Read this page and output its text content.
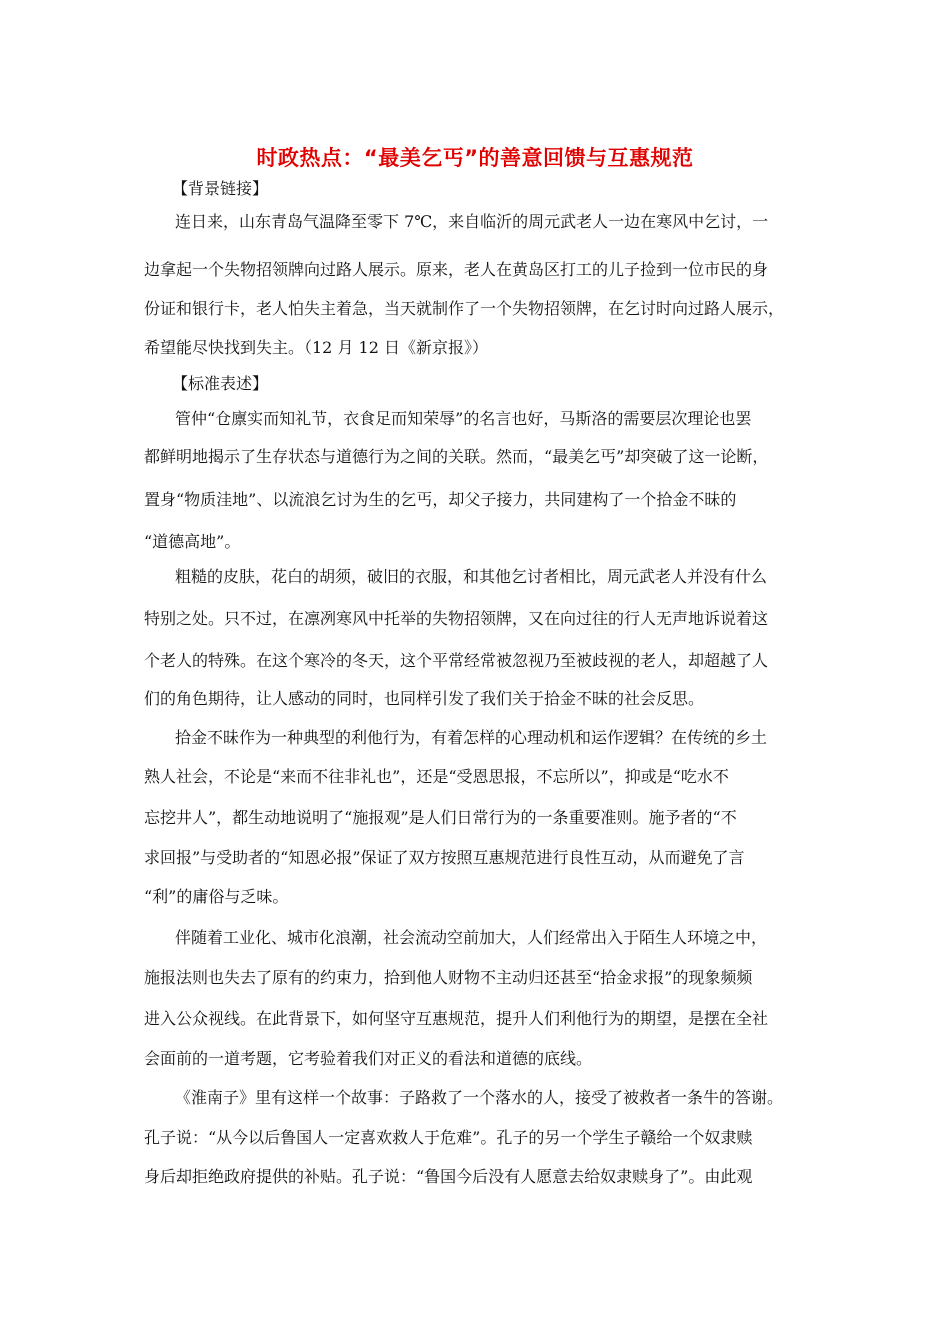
时政热点：“最美乞丐”的善意回馈与互惠规范
【背景链接】
连日来，山东青岛气温降至零下 7℃，来自临沂的周元武老人一边在寒风中乞讨，一
边拿起一个失物招领牌向过路人展示。原来，老人在黄岛区打工的儿子捡到一位市民的身
份证和银行卡，老人怕失主着急，当天就制作了一个失物招领牌，在乞讨时向过路人展示，
希望能尽快找到失主。（12 月 12 日《新京报》）
【标准表述】
管仲“仓廪实而知礼节，衣食足而知荣辱”的名言也好，马斯洛的需要层次理论也罢
都鲜明地揭示了生存状态与道德行为之间的关联。然而，“最美乞丐”却突破了这一论断，
置身“物质洼地”、以流浪乞讨为生的乞丐，却父子接力，共同建构了一个拾金不昧的
“道德高地”。
粗糙的皮肤，花白的胡须，破旧的衣服，和其他乞讨者相比，周元武老人并没有什么
特别之处。只不过，在凛冽寒风中托举的失物招领牌，又在向过往的行人无声地诉说着这
个老人的特殊。在这个寒冷的冬天，这个平常经常被忽视乃至被歧视的老人，却超越了人
们的角色期待，让人感动的同时，也同样引发了我们关于拾金不昧的社会反思。
拾金不昧作为一种典型的利他行为，有着怎样的心理动机和运作逻辑？在传统的乡土
熟人社会，不论是“来而不往非礼也”，还是“受恩思报，不忘所以”，抑或是“吃水不
忘挖井人”，都生动地说明了“施报观”是人们日常行为的一条重要准则。施予者的“不
求回报”与受助者的“知恩必报”保证了双方按照互惠规范进行良性互动，从而避免了言
“利”的庸俗与乏味。
伴随着工业化、城市化浪潮，社会流动空前加大，人们经常出入于陌生人环境之中，
施报法则也失去了原有的约束力，拾到他人财物不主动归还甚至“拾金求报”的现象频频
进入公众视线。在此背景下，如何坚守互惠规范，提升人们利他行为的期望，是摆在全社
会面前的一道考题，它考验着我们对正义的看法和道德的底线。
《淮南子》里有这样一个故事：子路救了一个落水的人，接受了被救者一条牛的答谢。
孔子说：“从今以后鲁国人一定喜欢救人于危难”。孔子的另一个学生子赣给一个奴隶赎
身后却拒绝政府提供的补贴。孔子说：“鲁国今后没有人愿意去给奴隶赎身了”。由此观
